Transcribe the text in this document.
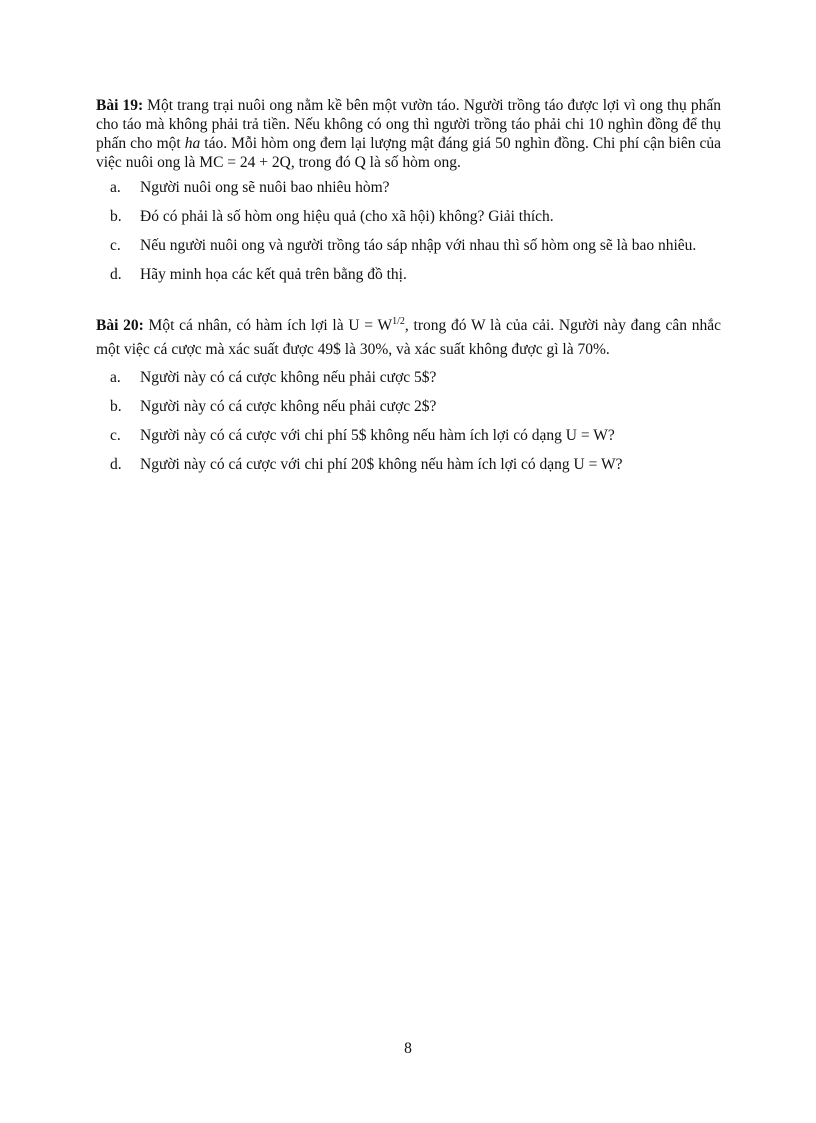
Bài 19: Một trang trại nuôi ong nằm kề bên một vườn táo. Người trồng táo được lợi vì ong thụ phấn cho táo mà không phải trả tiền. Nếu không có ong thì người trồng táo phải chi 10 nghìn đồng để thụ phấn cho một ha táo. Mỗi hòm ong đem lại lượng mật đáng giá 50 nghìn đồng. Chi phí cận biên của việc nuôi ong là MC = 24 + 2Q, trong đó Q là số hòm ong.

a.	Người nuôi ong sẽ nuôi bao nhiêu hòm?
b.	Đó có phải là số hòm ong hiệu quả (cho xã hội) không? Giải thích.
c.	Nếu người nuôi ong và người trồng táo sáp nhập với nhau thì số hòm ong sẽ là bao nhiêu.
d.	Hãy minh họa các kết quả trên bằng đồ thị.

Bài 20: Một cá nhân, có hàm ích lợi là $U = W^{1/2}$, trong đó W là của cải. Người này đang cân nhắc một việc cá cược mà xác suất được 49$ là 30%, và xác suất không được gì là 70%.

a.	Người này có cá cược không nếu phải cược 5$?
b.	Người này có cá cược không nếu phải cược 2$?
c.	Người này có cá cược với chi phí 5$ không nếu hàm ích lợi có dạng U = W?
d.	Người này có cá cược với chi phí 20$ không nếu hàm ích lợi có dạng U = W?
8
